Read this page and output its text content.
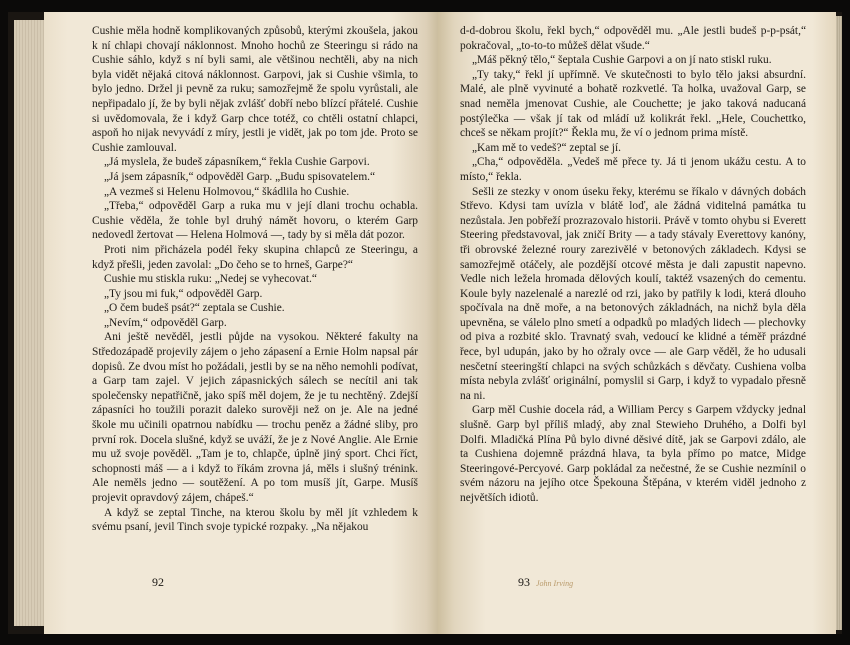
Cushie měla hodně komplikovaných způsobů, kterými zkoušela, jakou k ní chlapi chovají náklonnost. Mnoho hochů ze Steeringu si rádo na Cushie sáhlo, když s ní byli sami, ale většinou nechtěli, aby na nich byla vidět nějaká citová náklonnost. Garpovi, jak si Cushie všimla, to bylo jedno. Držel ji pevně za ruku; samozřejmě že spolu vyrůstali, ale nepřipadalo jí, že by byli nějak zvlášť dobří nebo blízcí přátelé. Cushie si uvědomovala, že i když Garp chce totéž, co chtěli ostatní chlapci, aspoň ho nijak nevyvádí z míry, jestli je vidět, jak po tom jde. Proto se Cushie zamlouval.

„Já myslela, že budeš zápasníkem,“ řekla Cushie Garpovi.

„Já jsem zápasník,“ odpověděl Garp. „Budu spisovatelem.“

„A vezmeš si Helenu Holmovou,“ škádlila ho Cushie.

„Třeba,“ odpověděl Garp a ruka mu v její dlani trochu ochabla. Cushie věděla, že tohle byl druhý námět hovoru, o kterém Garp nedovedl žertovat — Helena Holmová —, tady by si měla dát pozor.

Proti nim přicházela podél řeky skupina chlapců ze Steeringu, a když přešli, jeden zavolal: „Do čeho se to hrneš, Garpe?“

Cushie mu stiskla ruku: „Nedej se vyhecovat.“

„Ty jsou mi fuk,“ odpověděl Garp.

„O čem budeš psát?“ zeptala se Cushie.

„Nevím,“ odpověděl Garp.

Ani ještě nevěděl, jestli půjde na vysokou. Některé fakulty na Středozápadě projevily zájem o jeho zápasení a Ernie Holm napsal pár dopisů. Ze dvou míst ho požádali, jestli by se na něho nemohli podívat, a Garp tam zajel. V jejich zápasnických sálech se necítil ani tak společensky nepatřičně, jako spíš měl dojem, že je tu nechtěný. Zdejší zápasníci ho toužili porazit daleko surověji než on je. Ale na jedné škole mu učinili opatrnou nabídku — trochu peněz a žádné sliby, pro první rok. Docela slušné, když se uváží, že je z Nové Anglie. Ale Ernie mu už svoje pověděl. „Tam je to, chlapče, úplně jiný sport. Chci říct, schopnosti máš — a i když to říkám zrovna já, měls i slušný trénink. Ale neměls jedno — soutěžení. A po tom musíš jít, Garpe. Musíš projevit opravdový zájem, chápeš.“

A když se zeptal Tinche, na kterou školu by měl jít vzhledem k svému psaní, jevil Tinch svoje typické rozpaky. „Na nějakou

92

d-d-dobrou školu, řekl bych,“ odpověděl mu. „Ale jestli budeš p-p-psát,“ pokračoval, „to-to-to můžeš dělat všude.“

„Máš pěkný tělo,“ šeptala Cushie Garpovi a on jí nato stiskl ruku.

„Ty taky,“ řekl jí upřímně. Ve skutečnosti to bylo tělo jaksi absurdní. Malé, ale plně vyvinuté a bohatě rozkvetlé. Ta holka, uvažoval Garp, se snad neměla jmenovat Cushie, ale Couchette; je jako taková naducaná postýlečka — však jí tak od mládí už kolikrát řekl. „Hele, Couchettko, chceš se někam projít?“ Řekla mu, že ví o jednom prima místě.

„Kam mě to vedeš?“ zeptal se jí.

„Cha,“ odpověděla. „Vedeš mě přece ty. Já ti jenom ukážu cestu. A to místo,“ řekla.

Sešli ze stezky v onom úseku řeky, kterému se říkalo v dávných dobách Střevo. Kdysi tam uvízla v blátě loď, ale žádná viditelná památka tu nezůstala. Jen pobřeží prozrazovalo historii. Právě v tomto ohybu si Everett Steering představoval, jak zničí Brity — a tady stávaly Everettovy kanóny, tři obrovské železné roury zarezivělé v betonových základech. Kdysi se samozřejmě otáčely, ale pozdější otcové města je dali zapustit napevno. Vedle nich ležela hromada dělových koulí, taktéž vsazených do cementu. Koule byly nazelenalé a narezlé od rzi, jako by patřily k lodi, která dlouho spočívala na dně moře, a na betonových základnách, na nichž byla děla upevněna, se válelo plno smetí a odpadků po mladých lidech — plechovky od piva a rozbité sklo. Travnatý svah, vedoucí ke klidné a téměř prázdné řece, byl udupán, jako by ho ožraly ovce — ale Garp věděl, že ho udusali nesčetní steeringští chlapci na svých schůzkách s děvčaty. Cushiena volba místa nebyla zvlášť originální, pomyslil si Garp, i když to vypadalo přesně na ni.

Garp měl Cushie docela rád, a William Percy s Garpem vždycky jednal slušně. Garp byl příliš mladý, aby znal Stewieho Druhého, a Dolfi byl Dolfi. Mladičká Plína Pů bylo divné děsivé dítě, jak se Garpovi zdálo, ale ta Cushiena dojemně prázdná hlava, ta byla přímo po matce, Midge Steeringové-Percyové. Garp pokládal za nečestné, že se Cushie nezmínil o svém názoru na jejího otce Špekouna Štěpána, v kterém viděl jednoho z největších idiotů.

93 John Irving
